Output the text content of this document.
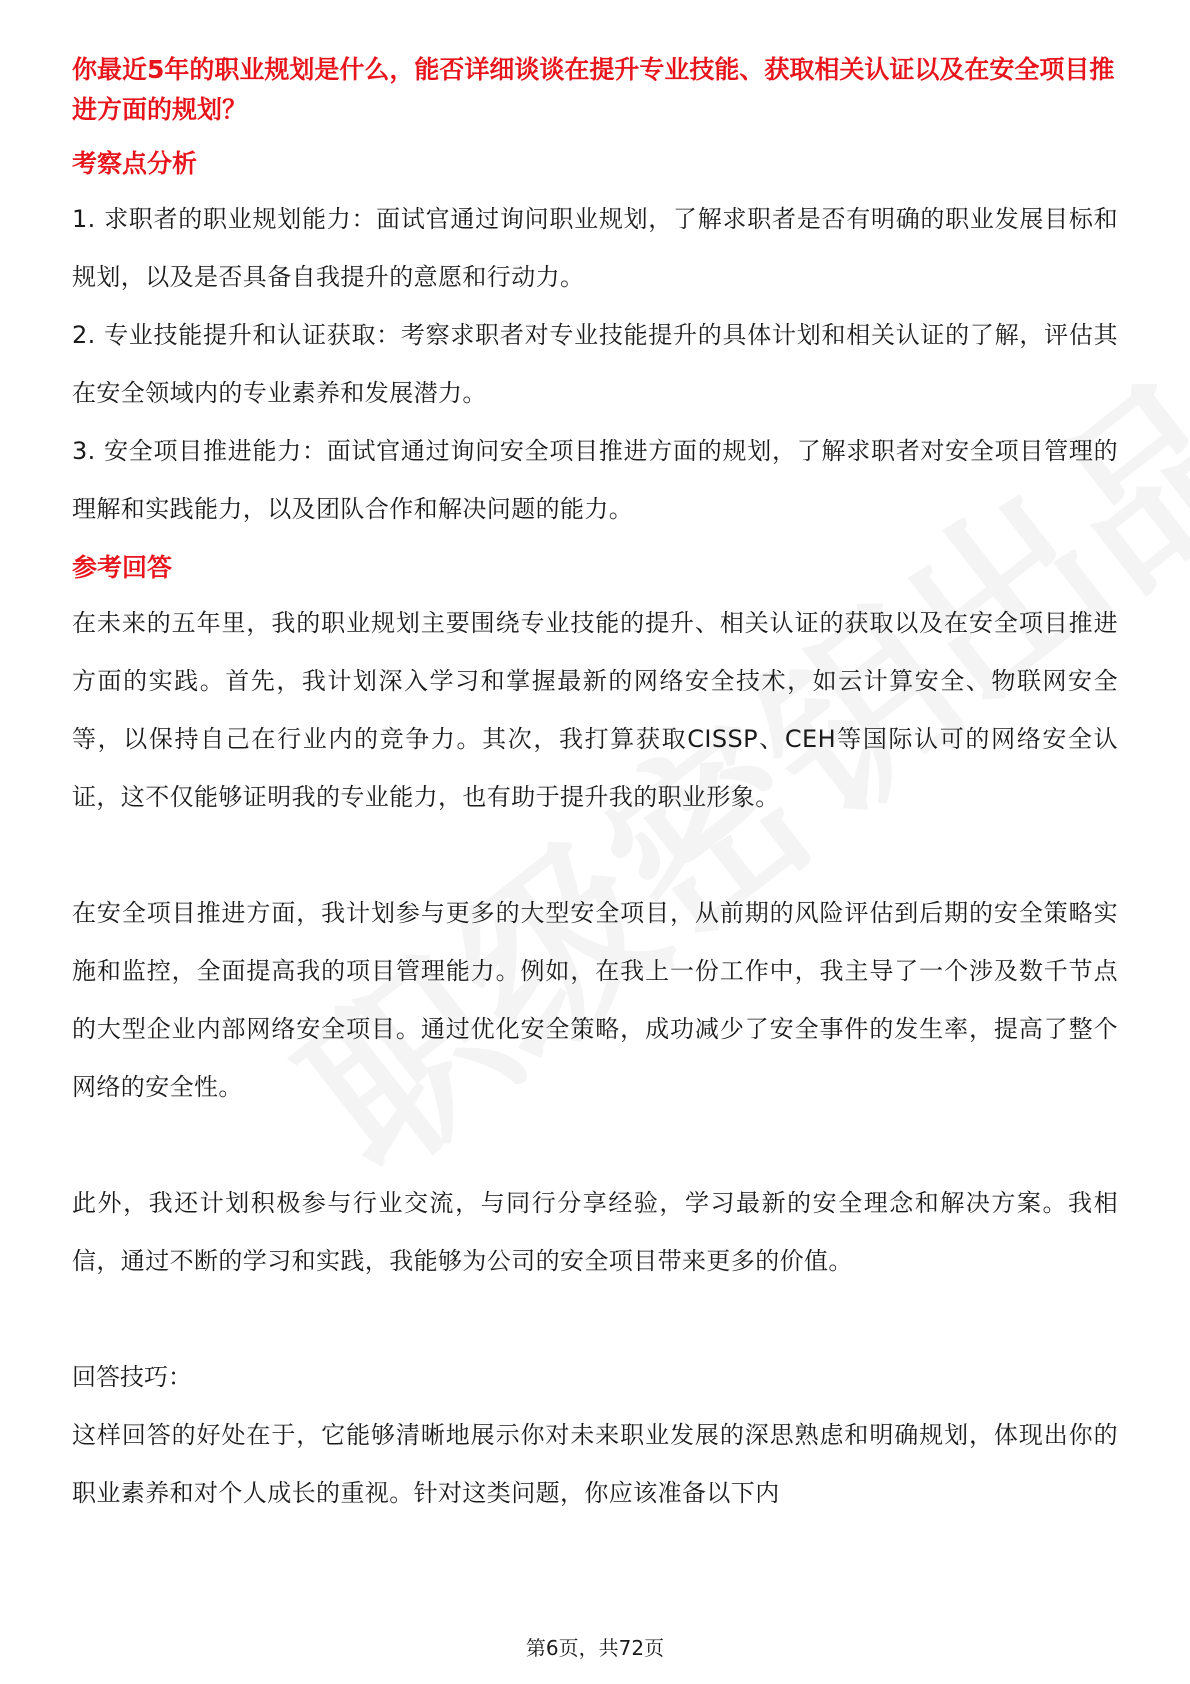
你最近5年的职业规划是什么，能否详细谈谈在提升专业技能、获取相关认证以及在安全项目推进方面的规划？

考察点分析

1. 求职者的职业规划能力：面试官通过询问职业规划，了解求职者是否有明确的职业发展目标和规划，以及是否具备自我提升的意愿和行动力。

2. 专业技能提升和认证获取：考察求职者对专业技能提升的具体计划和相关认证的了解，评估其在安全领域内的专业素养和发展潜力。

3. 安全项目推进能力：面试官通过询问安全项目推进方面的规划，了解求职者对安全项目管理的理解和实践能力，以及团队合作和解决问题的能力。

参考回答

在未来的五年里，我的职业规划主要围绕专业技能的提升、相关认证的获取以及在安全项目推进方面的实践。首先，我计划深入学习和掌握最新的网络安全技术，如云计算安全、物联网安全等，以保持自己在行业内的竞争力。其次，我打算获取CISSP、CEH等国际认可的网络安全认证，这不仅能够证明我的专业能力，也有助于提升我的职业形象。

在安全项目推进方面，我计划参与更多的大型安全项目，从前期的风险评估到后期的安全策略实施和监控，全面提高我的项目管理能力。例如，在我上一份工作中，我主导了一个涉及数千节点的大型企业内部网络安全项目。通过优化安全策略，成功减少了安全事件的发生率，提高了整个网络的安全性。

此外，我还计划积极参与行业交流，与同行分享经验，学习最新的安全理念和解决方案。我相信，通过不断的学习和实践，我能够为公司的安全项目带来更多的价值。

回答技巧：

这样回答的好处在于，它能够清晰地展示你对未来职业发展的深思熟虑和明确规划，体现出你的职业素养和对个人成长的重视。针对这类问题，你应该准备以下内

第6页，共72页
